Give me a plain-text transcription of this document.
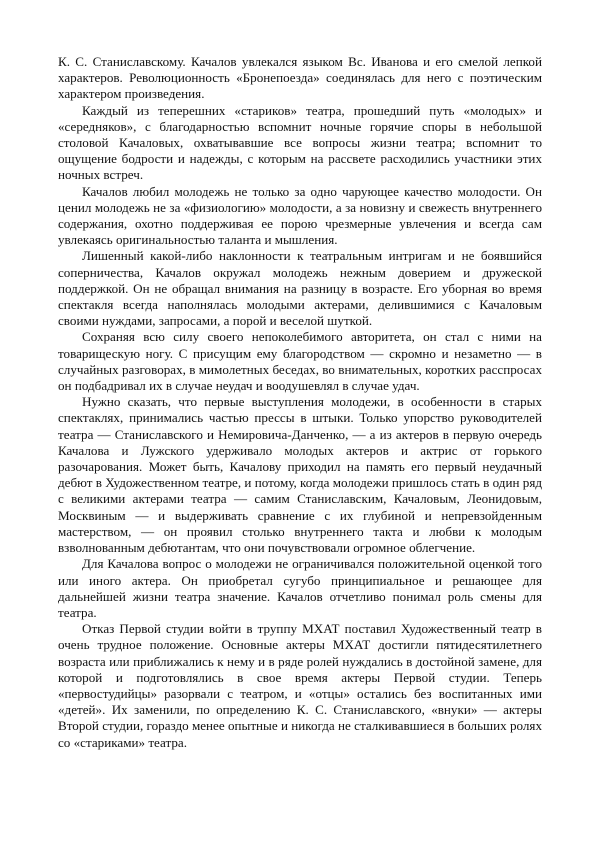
К. С. Станиславскому. Качалов увлекался языком Вс. Иванова и его смелой лепкой характеров. Революционность «Бронепоезда» соединялась для него с поэтическим характером произведения.

Каждый из теперешних «стариков» театра, прошедший путь «молодых» и «середняков», с благодарностью вспомнит ночные горячие споры в небольшой столовой Качаловых, охватывавшие все вопросы жизни театра; вспомнит то ощущение бодрости и надежды, с которым на рассвете расходились участники этих ночных встреч.

Качалов любил молодежь не только за одно чарующее качество молодости. Он ценил молодежь не за «физиологию» молодости, а за новизну и свежесть внутреннего содержания, охотно поддерживая ее порою чрезмерные увлечения и всегда сам увлекаясь оригинальностью таланта и мышления.

Лишенный какой-либо наклонности к театральным интригам и не боявшийся соперничества, Качалов окружал молодежь нежным доверием и дружеской поддержкой. Он не обращал внимания на разницу в возрасте. Его уборная во время спектакля всегда наполнялась молодыми актерами, делившимися с Качаловым своими нуждами, запросами, а порой и веселой шуткой.

Сохраняя всю силу своего непоколебимого авторитета, он стал с ними на товарищескую ногу. С присущим ему благородством — скромно и незаметно — в случайных разговорах, в мимолетных беседах, во внимательных, коротких расспросах он подбадривал их в случае неудач и воодушевлял в случае удач.

Нужно сказать, что первые выступления молодежи, в особенности в старых спектаклях, принимались частью прессы в штыки. Только упорство руководителей театра — Станиславского и Немировича-Данченко, — а из актеров в первую очередь Качалова и Лужского удерживало молодых актеров и актрис от горького разочарования. Может быть, Качалову приходил на память его первый неудачный дебют в Художественном театре, и потому, когда молодежи пришлось стать в один ряд с великими актерами театра — самим Станиславским, Качаловым, Леонидовым, Москвиным — и выдерживать сравнение с их глубиной и непревзойденным мастерством, — он проявил столько внутреннего такта и любви к молодым взволнованным дебютантам, что они почувствовали огромное облегчение.

Для Качалова вопрос о молодежи не ограничивался положительной оценкой того или иного актера. Он приобретал сугубо принципиальное и решающее для дальнейшей жизни театра значение. Качалов отчетливо понимал роль смены для театра.

Отказ Первой студии войти в труппу МХАТ поставил Художественный театр в очень трудное положение. Основные актеры МХАТ достигли пятидесятилетнего возраста или приближались к нему и в ряде ролей нуждались в достойной замене, для которой и подготовлялись в свое время актеры Первой студии. Теперь «первостудийцы» разорвали с театром, и «отцы» остались без воспитанных ими «детей». Их заменили, по определению К. С. Станиславского, «внуки» — актеры Второй студии, гораздо менее опытные и никогда не сталкивавшиеся в больших ролях со «стариками» театра.
